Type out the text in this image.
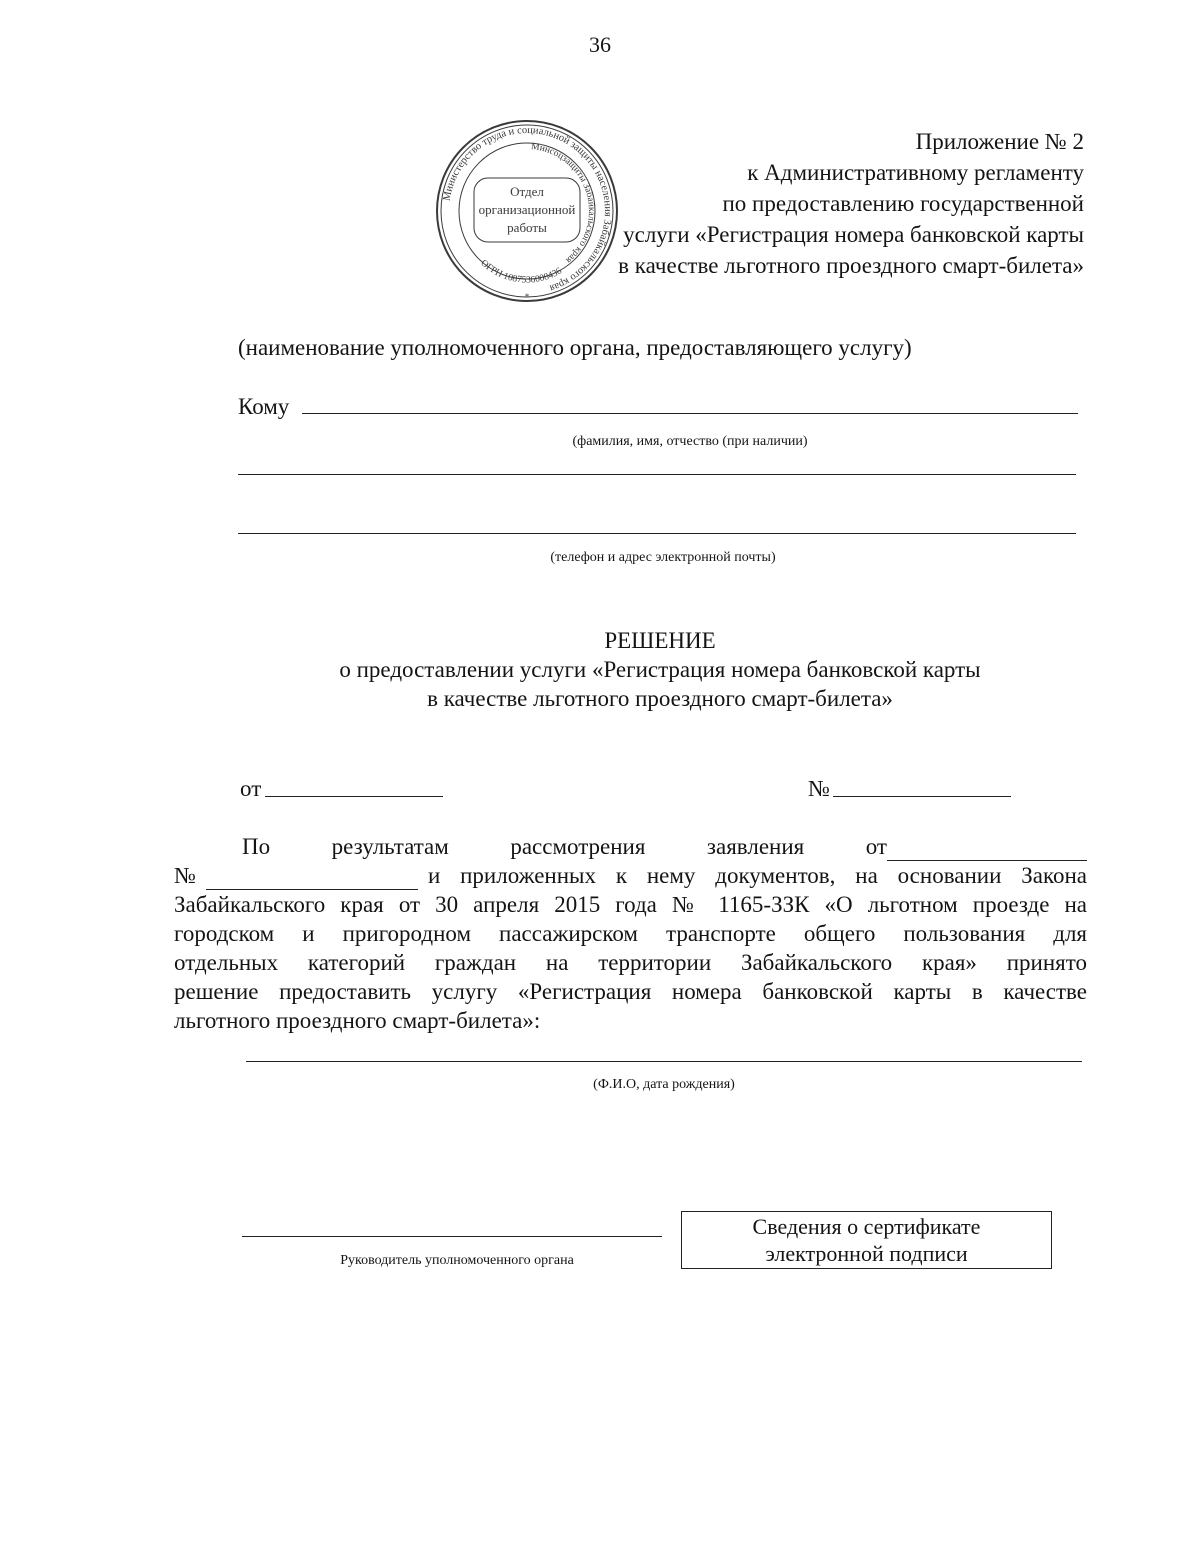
36
Министерство труда и социальной защиты населения Забайкальского края
Минсоцзащиты Забайкальского края
Отдел
организационной
работы
ОГРН 1087536008436
*
Приложение № 2
к Административному регламенту
по предоставлению государственной
услуги «Регистрация номера банковской карты
в качестве льготного проездного смарт-билета»
(наименование уполномоченного органа, предоставляющего услугу)
Кому
(фамилия, имя, отчество (при наличии)
(телефон и адрес электронной почты)
РЕШЕНИЕ
о предоставлении услуги «Регистрация номера банковской карты
в качестве льготного проездного смарт-билета»
от	№
По	результатам	рассмотрения	заявления	от
№	и приложенных к нему документов, на основании Закона
Забайкальского края от 30 апреля 2015 года № 1165-ЗЗК «О льготном проезде на
городском и пригородном пассажирском транспорте общего пользования для
отдельных категорий граждан на территории Забайкальского края» принято
решение предоставить услугу «Регистрация номера банковской карты в качестве
льготного проездного смарт-билета»:
(Ф.И.О, дата рождения)
Руководитель уполномоченного органа
Сведения о сертификате
электронной подписи
